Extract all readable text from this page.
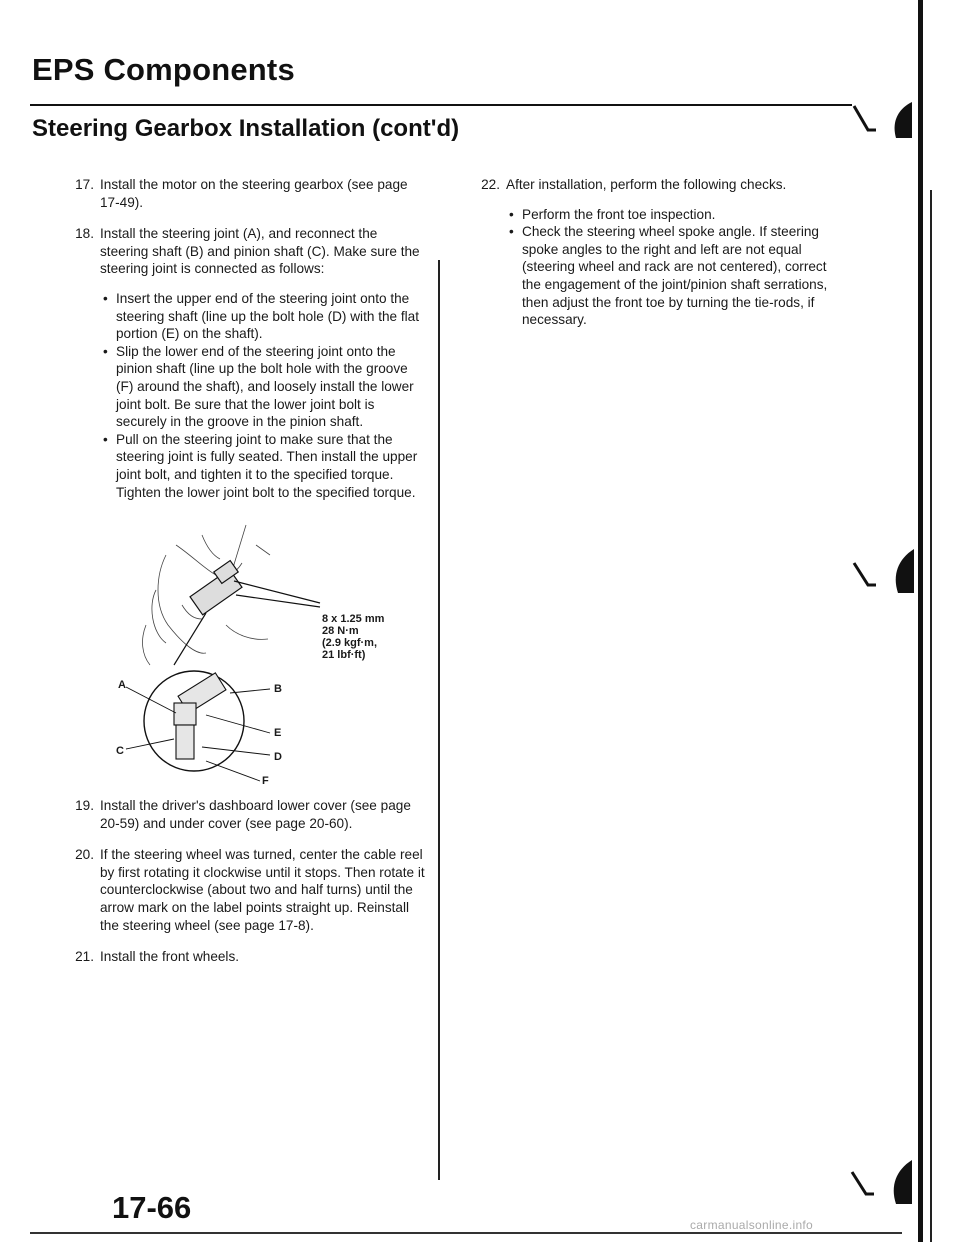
EPS Components
Steering Gearbox Installation (cont'd)
17. Install the motor on the steering gearbox (see page 17-49).
18. Install the steering joint (A), and reconnect the steering shaft (B) and pinion shaft (C). Make sure the steering joint is connected as follows:
• Insert the upper end of the steering joint onto the steering shaft (line up the bolt hole (D) with the flat portion (E) on the shaft).
• Slip the lower end of the steering joint onto the pinion shaft (line up the bolt hole with the groove (F) around the shaft), and loosely install the lower joint bolt. Be sure that the lower joint bolt is securely in the groove in the pinion shaft.
• Pull on the steering joint to make sure that the steering joint is fully seated. Then install the upper joint bolt, and tighten it to the specified torque. Tighten the lower joint bolt to the specified torque.

8 x 1.25 mm
28 N·m
(2.9 kgf·m,
21 lbf·ft)

A	B
C	D
E
F
19. Install the driver's dashboard lower cover (see page 20-59) and under cover (see page 20-60).
20. If the steering wheel was turned, center the cable reel by first rotating it clockwise until it stops. Then rotate it counterclockwise (about two and half turns) until the arrow mark on the label points straight up. Reinstall the steering wheel (see page 17-8).
21. Install the front wheels.
22. After installation, perform the following checks.
• Perform the front toe inspection.
• Check the steering wheel spoke angle. If steering spoke angles to the right and left are not equal (steering wheel and rack are not centered), correct the engagement of the joint/pinion shaft serrations, then adjust the front toe by turning the tie-rods, if necessary.

17-66	carmanualsonline.info
